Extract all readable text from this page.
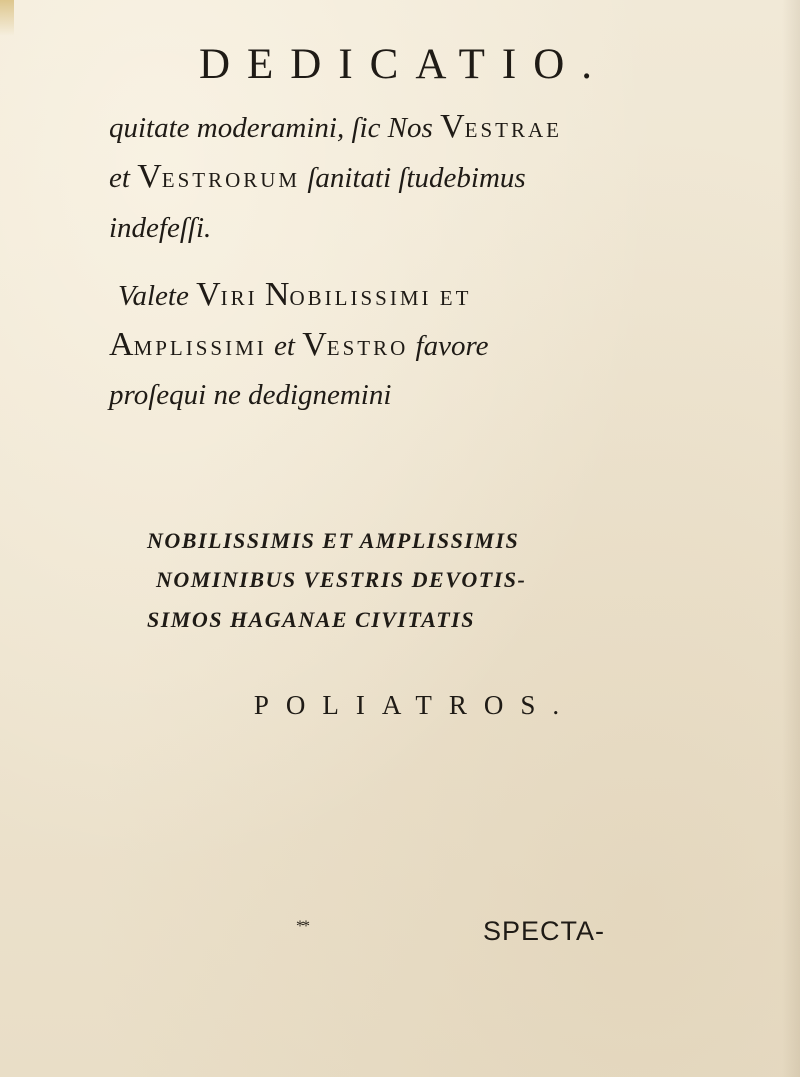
DEDICATIO.
quitate moderamini, ſic Nos VESTRAE
et VESTRORUM ſanitati ſtudebimus
indefeſſi.
Valete VIRI NOBILISSIMI ET
AMPLISSIMI et VESTRO favore
proſequi ne dedignemini
NOBILISSIMIS ET AMPLISSIMIS
NOMINIBUS VESTRIS DEVOTIS-
SIMOS HAGANAE CIVITATIS
POLIATROS.
**	SPECTA-
